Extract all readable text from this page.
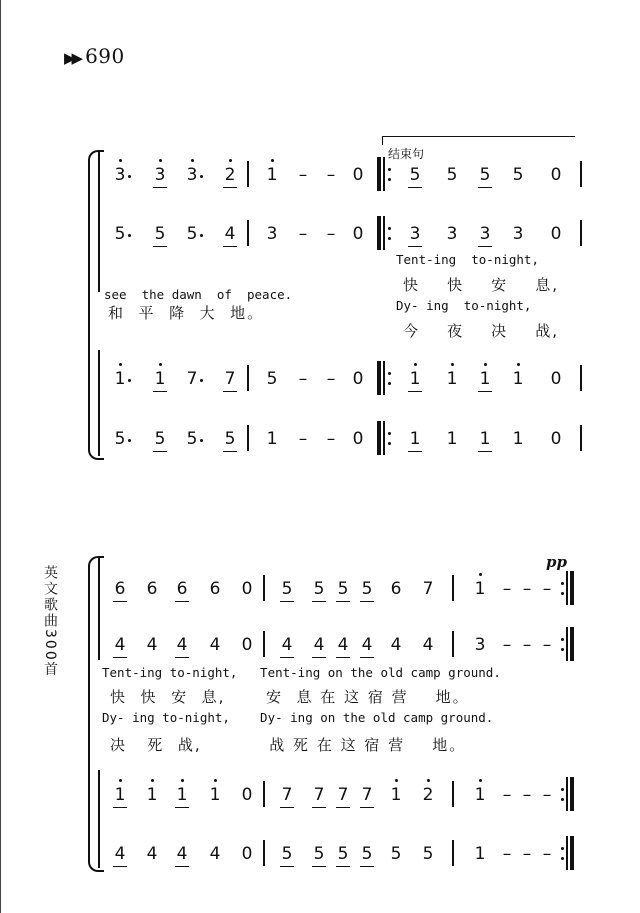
▶▶ 690
结束句
see  the dawn  of  peace.
和  平  降  大  地。
Tent-ing  to-night,
快    快    安    息,
Dy- ing  to-night,
今    夜    决    战,
pp
Tent-ing to-night,   Tent-ing on the old camp ground.
快  快  安  息,      安  息 在 这 宿 营    地。
Dy- ing to-night,    Dy- ing on the old camp ground.
决   死  战,          战 死 在 这 宿 营    地。
英文歌曲300首
3 3 3 2 1 – – 0	5 5 5 5 0
5 5 5 4 3 – – 0	3 3 3 3 0
1 1 7 7 5 – – 0	1 1 1 1 0
5 5 5 5 1 – – 0	1 1 1 1 0
6 6 6 6 0 5 5 5 5 6 7 1 – – –
4 4 4 4 0 4 4 4 4 4 4 3 – – –
1 1 1 1 0 7 7 7 7 1 2 1 – – –
4 4 4 4 0 5 5 5 5 5 5 1 – – –
